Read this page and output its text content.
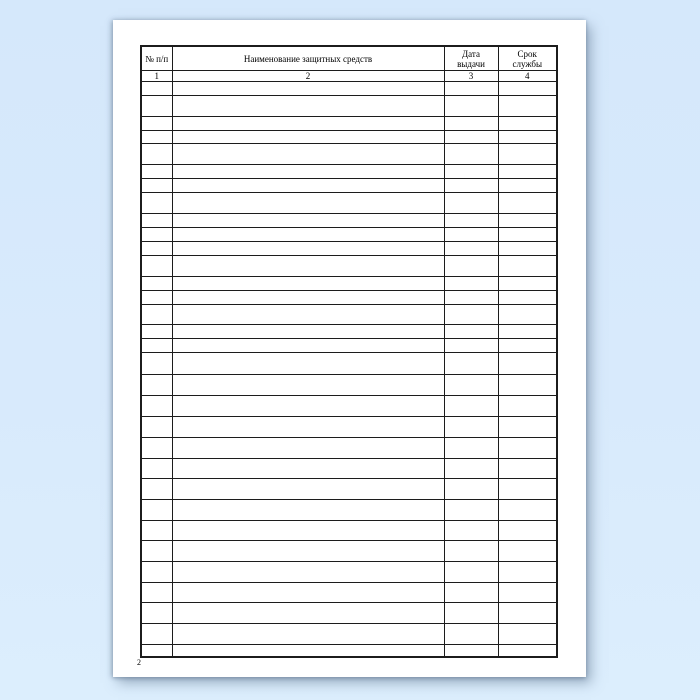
№ п/п	Наименование защитных средств	Дата выдачи	Срок службы
1	2	3	4

2
